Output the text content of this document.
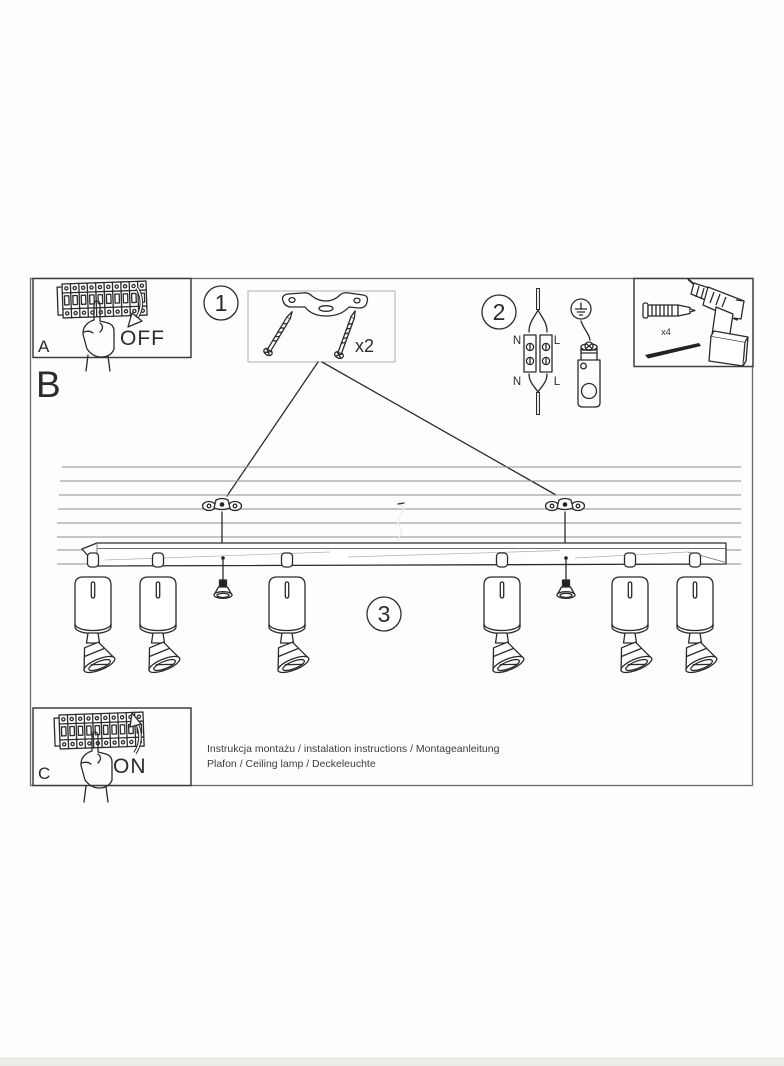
A	OFF
B
1
x2
2
N	L
N	L
x4
3
C	ON
Instrukcja montażu / instalation instructions / Montageanleitung
Plafon / Ceiling lamp / Deckeleuchte
